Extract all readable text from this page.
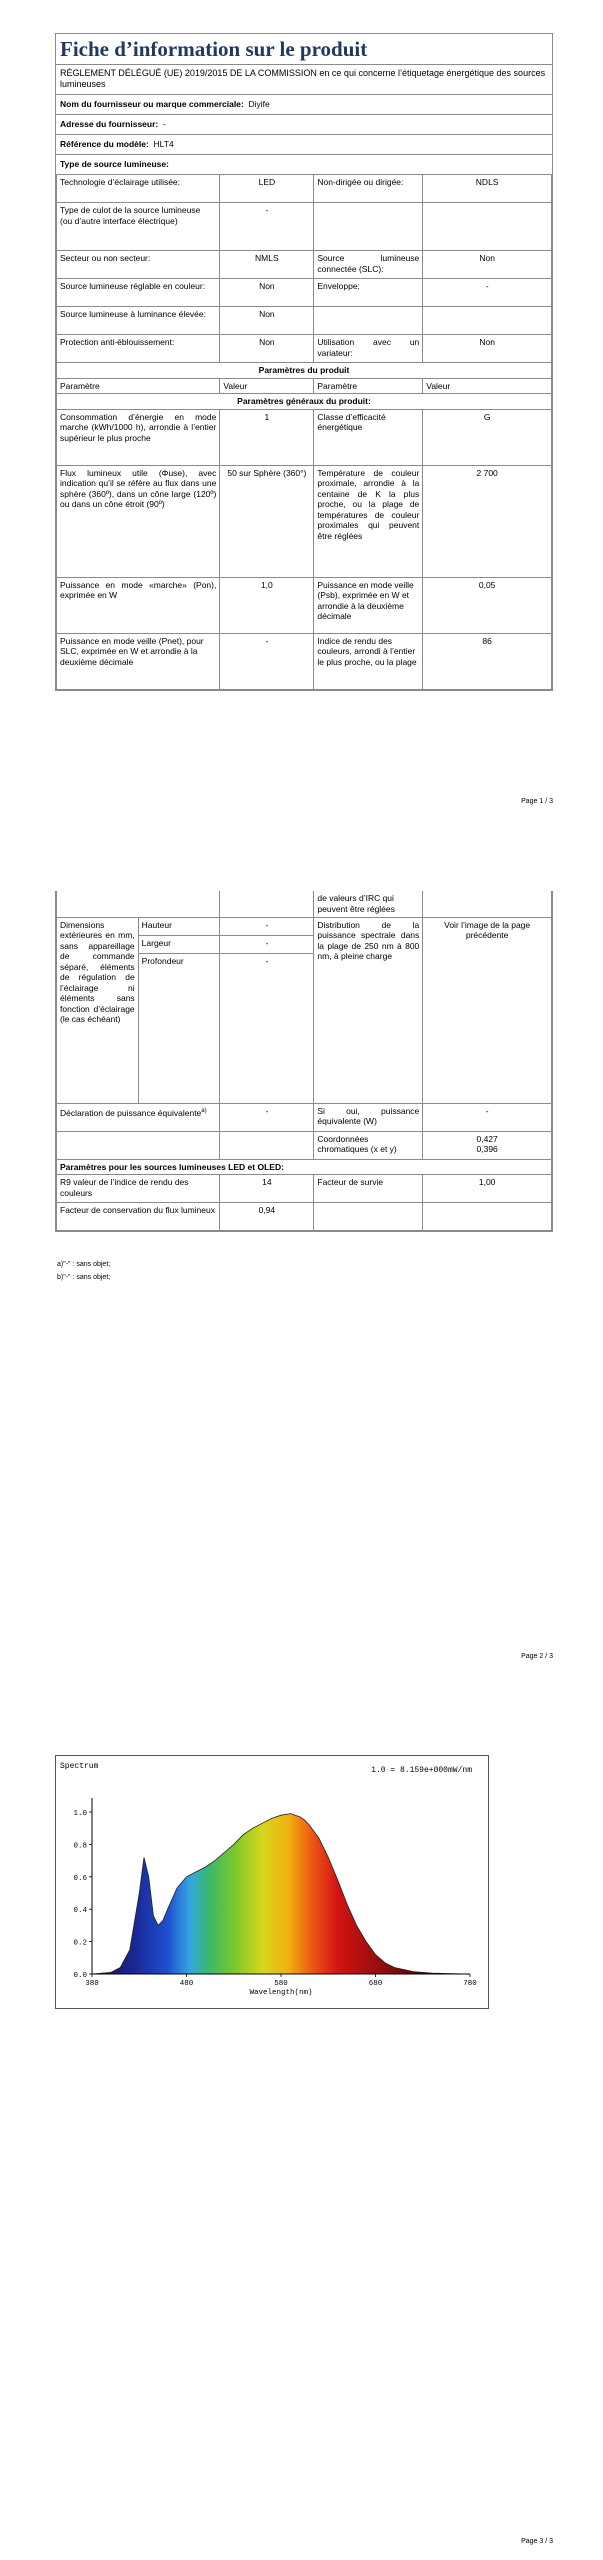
Fiche d’information sur le produit
RÈGLEMENT DÉLÉGUÉ (UE) 2019/2015 DE LA COMMISSION en ce qui concerne l’étiquetage énergétique des sources lumineuses
Nom du fournisseur ou marque commerciale: Diyife
Adresse du fournisseur: -
Référence du modèle: HLT4
Type de source lumineuse:
Technologie d’éclairage utilisée:	LED	Non-dirigée ou dirigée:	NDLS
Type de culot de la source lumineuse
(ou d’autre interface électrique)	-		
Secteur ou non secteur:	NMLS	Source lumineuse connectée (SLC):	Non
Source lumineuse réglable en couleur:	Non	Enveloppe:	-
Source lumineuse à luminance élevée:	Non		
Protection anti-éblouissement:	Non	Utilisation avec un variateur:	Non
Paramètres du produit			
Paramètre	Valeur	Paramètre	Valeur
Paramètres généraux du produit:			
Consommation d’énergie en mode marche (kWh/1000 h), arrondie à l’entier supérieur le plus proche	1	Classe d’efficacité énergétique	G
Flux lumineux utile (Φuse), avec indication qu’il se réfère au flux dans une sphère (360º), dans un cône large (120º) ou dans un cône étroit (90º)	50 sur Sphère (360°)	Température de couleur proximale, arrondie à la centaine de K la plus proche, ou la plage de températures de couleur proximales qui peuvent être réglées	2 700
Puissance en mode «marche» (Pon), exprimée en W	1,0	Puissance en mode veille (Psb), exprimée en W et arrondie à la deuxième décimale	0,05
Puissance en mode veille (Pnet), pour SLC, exprimée en W et arrondie à la deuxième décimale	-	Indice de rendu des couleurs, arrondi à l’entier le plus proche, ou la plage	86
Page 1 / 3
			de valeurs d’IRC qui peuvent être réglées	
Dimensions extérieures en mm, sans appareillage de commande séparé, éléments de régulation de l’éclairage ni éléments sans fonction d’éclairage (le cas échéant)	Hauteur	-	Distribution de la puissance spectrale dans la plage de 250 nm à 800 nm, à pleine charge	Voir l’image de la page précédente
	Largeur	-		
	Profondeur	-		
Déclaration de puissance équivalente$^{a)}$		-	Si oui, puissance équivalente (W)	-
			Coordonnées chromatiques (x et y)	0,427
0,396
Paramètres pour les sources lumineuses LED et OLED:				
R9 valeur de l’indice de rendu des couleurs		14	Facteur de survie	1,00
Facteur de conservation du flux lumineux		0,94		
a)"-" : sans objet;
b)"-" : sans objet;
Page 2 / 3
Spectrum	1.0 = 8.159e+000mW/nm
0.0
0.2
0.4
0.6
0.8
1.0
380	480	580	680	780
Wavelength(nm)
Page 3 / 3
